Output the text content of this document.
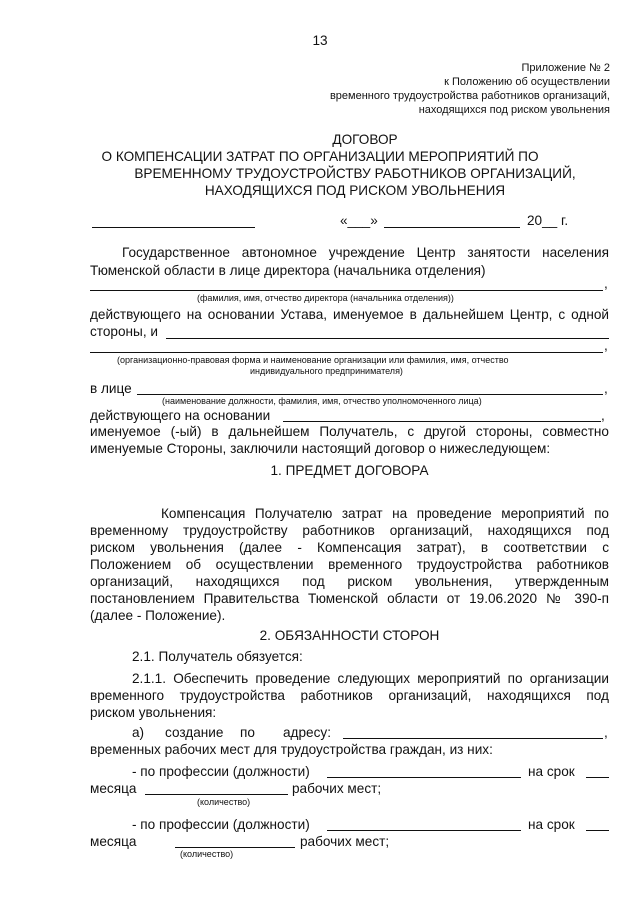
13
Приложение № 2
к Положению об осуществлении
временного трудоустройства работников организаций,
находящихся под риском увольнения
ДОГОВОР
О КОМПЕНСАЦИИ ЗАТРАТ ПО ОРГАНИЗАЦИИ МЕРОПРИЯТИЙ ПО
ВРЕМЕННОМУ ТРУДОУСТРОЙСТВУ РАБОТНИКОВ ОРГАНИЗАЦИЙ,
НАХОДЯЩИХСЯ ПОД РИСКОМ УВОЛЬНЕНИЯ
«___»	20__ г.
Государственное автономное учреждение Центр занятости населения
Тюменской области в лице директора (начальника отделения)
,
(фамилия, имя, отчество директора (начальника отделения))
действующего на основании Устава, именуемое в дальнейшем Центр, с одной
стороны, и
,
(организационно-правовая форма и наименование организации или фамилия, имя, отчество
индивидуального предпринимателя)
в лице	,
(наименование должности, фамилия, имя, отчество уполномоченного лица)
действующего на основании	,
именуемое (-ый) в дальнейшем Получатель, с другой стороны, совместно
именуемые Стороны, заключили настоящий договор о нижеследующем:
1. ПРЕДМЕТ ДОГОВОРА
Компенсация Получателю затрат на проведение мероприятий по
временному трудоустройству работников организаций, находящихся под
риском увольнения (далее - Компенсация затрат), в соответствии с
Положением об осуществлении временного трудоустройства работников
организаций, находящихся под риском увольнения, утвержденным
постановлением Правительства Тюменской области от 19.06.2020 № 390-п
(далее - Положение).
2. ОБЯЗАННОСТИ СТОРОН
2.1. Получатель обязуется:
2.1.1. Обеспечить проведение следующих мероприятий по организации
временного трудоустройства работников организаций, находящихся под
риском увольнения:
а) создание по адресу:	,
временных рабочих мест для трудоустройства граждан, из них:
- по профессии (должности)	на срок
месяца	рабочих мест;
(количество)
- по профессии (должности)	на срок
месяца	рабочих мест;
(количество)
